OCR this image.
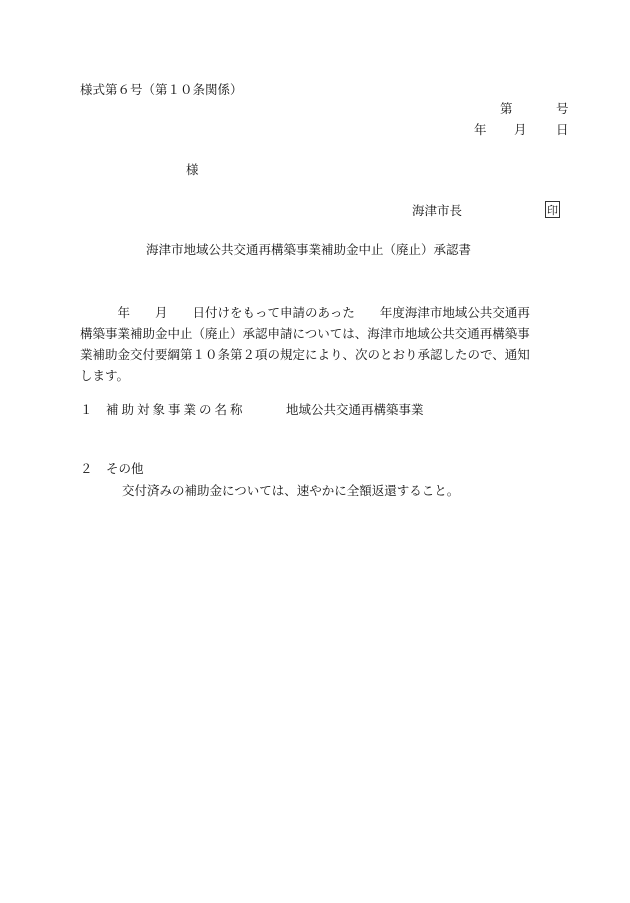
様式第６号（第１０条関係）
第	号
年 月 日
様
海津市長	印
海津市地域公共交通再構築事業補助金中止（廃止）承認書
　　　年　　月　　日付けをもって申請のあった　　年度海津市地域公共交通再
構築事業補助金中止（廃止）承認申請については、海津市地域公共交通再構築事
業補助金交付要綱第１０条第２項の規定により、次のとおり承認したので、通知
します。
１ 補助対象事業の名称	地域公共交通再構築事業
２ その他
交付済みの補助金については、速やかに全額返還すること。
